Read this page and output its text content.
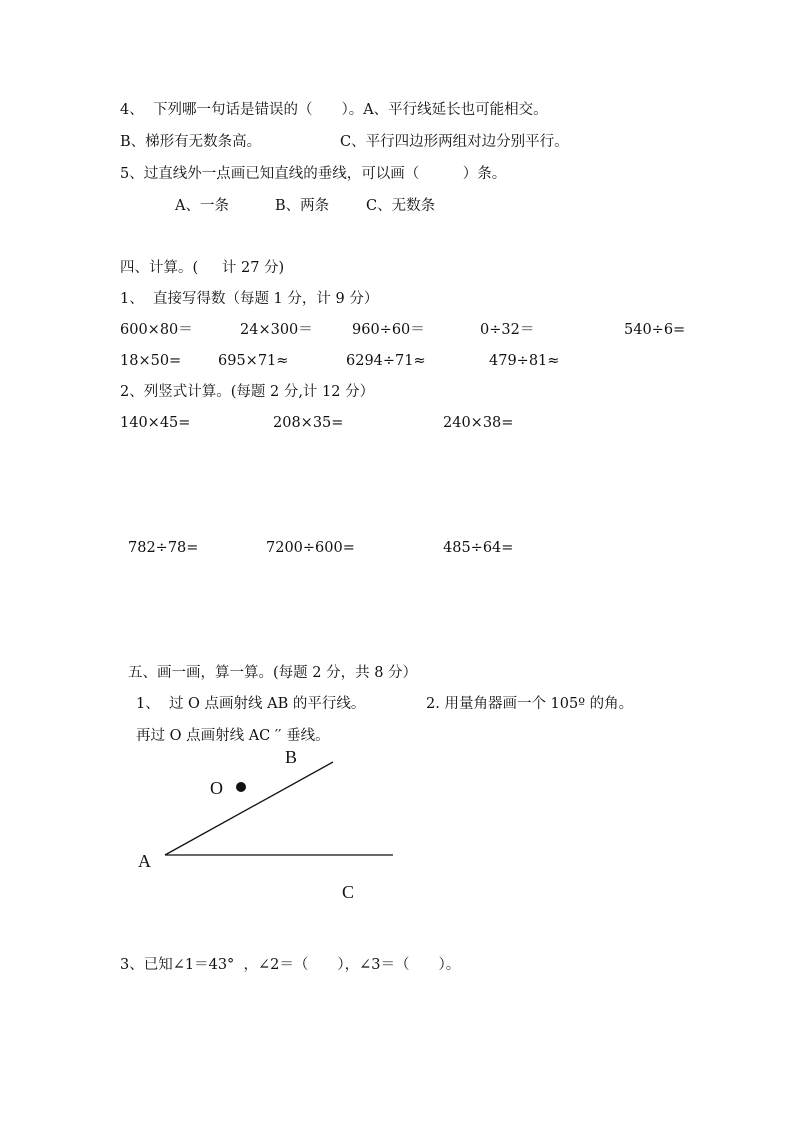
4、  下列哪一句话是错误的（　　）。A、平行线延长也可能相交。
B、梯形有无数条高。	C、平行四边形两组对边分别平行。
5、过直线外一点画已知直线的垂线，可以画（　　　）条。
A、一条	B、两条	C、无数条
四、计算。(　  计 27 分)
1、  直接写得数（每题 1 分，计 9 分）
600×80＝	24×300＝	960÷60＝	0÷32＝	540÷6=
18×50=	695×71≈	6294÷71≈	479÷81≈
2、列竖式计算。(每题 2 分,计 12 分）
140×45=	208×35=	240×38=
782÷78=	7200÷600=	485÷64=
五、画一画，算一算。(每题 2 分，共 8 分）
1、  过 O 点画射线 AB 的平行线。	2. 用量角器画一个 105º 的角。
再过 O 点画射线 AC ′′ 垂线。
A
B
C
O
3、已知∠1＝43°  ，∠2＝（　　），∠3＝（　　）。
